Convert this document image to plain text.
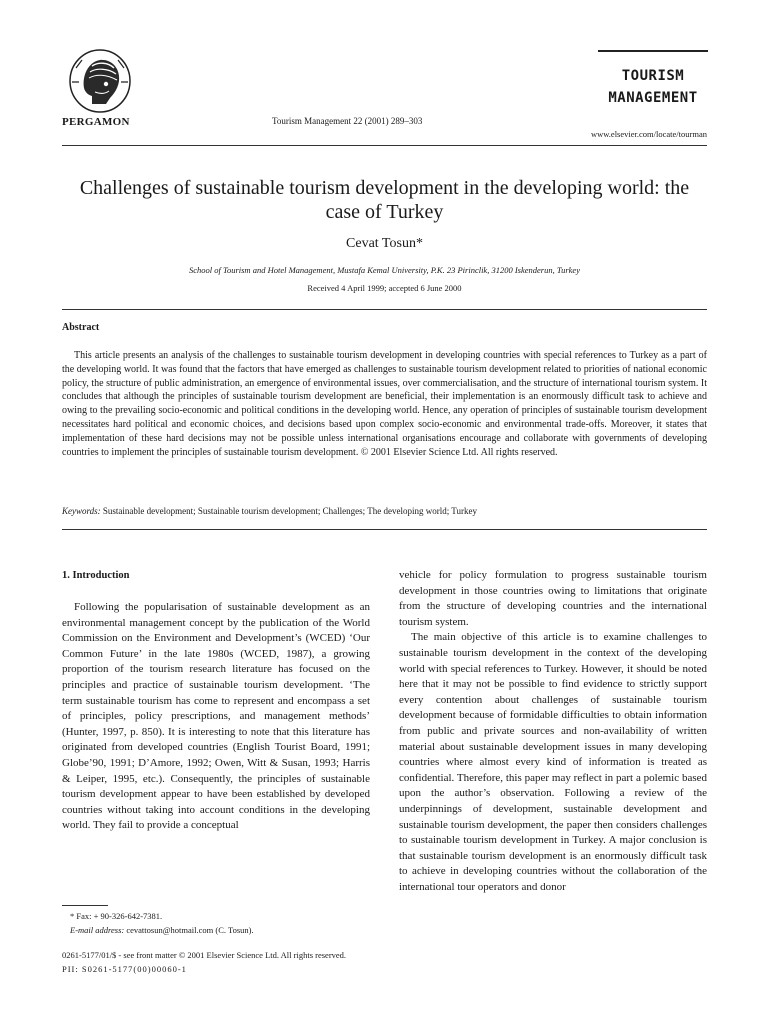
PERGAMON	Tourism Management 22 (2001) 289–303
TOURISM
MANAGEMENT
www.elsevier.com/locate/tourman
Challenges of sustainable tourism development in the developing world: the case of Turkey
Cevat Tosun*
School of Tourism and Hotel Management, Mustafa Kemal University, P.K. 23 Pirinclik, 31200 Iskenderun, Turkey
Received 4 April 1999; accepted 6 June 2000
Abstract

This article presents an analysis of the challenges to sustainable tourism development in developing countries with special references to Turkey as a part of the developing world. It was found that the factors that have emerged as challenges to sustainable tourism development related to priorities of national economic policy, the structure of public administration, an emergence of environmental issues, over commercialisation, and the structure of international tourism system. It concludes that although the principles of sustainable tourism development are beneficial, their implementation is an enormously difficult task to achieve and owing to the prevailing socio-economic and political conditions in the developing world. Hence, any operation of principles of sustainable tourism development necessitates hard political and economic choices, and decisions based upon complex socio-economic and environmental trade-offs. Moreover, it states that implementation of these hard decisions may not be possible unless international organisations encourage and collaborate with governments of developing countries to implement the principles of sustainable tourism development. © 2001 Elsevier Science Ltd. All rights reserved.

Keywords: Sustainable development; Sustainable tourism development; Challenges; The developing world; Turkey
1. Introduction

Following the popularisation of sustainable development as an environmental management concept by the publication of the World Commission on the Environment and Development’s (WCED) ‘Our Common Future’ in the late 1980s (WCED, 1987), a growing proportion of the tourism research literature has focused on the principles and practice of sustainable tourism development. ‘The term sustainable tourism has come to represent and encompass a set of principles, policy prescriptions, and management methods’ (Hunter, 1997, p. 850). It is interesting to note that this literature has originated from developed countries (English Tourist Board, 1991; Globe’90, 1991; D’Amore, 1992; Owen, Witt & Susan, 1993; Harris & Leiper, 1995, etc.). Consequently, the principles of sustainable tourism development appear to have been established by developed countries without taking into account conditions in the developing world. They fail to provide a conceptual

vehicle for policy formulation to progress sustainable tourism development in those countries owing to limitations that originate from the structure of developing countries and the international tourism system.

The main objective of this article is to examine challenges to sustainable tourism development in the context of the developing world with special references to Turkey. However, it should be noted here that it may not be possible to find evidence to strictly support every contention about challenges of sustainable tourism development because of formidable difficulties to obtain information from public and private sources and non-availability of written material about sustainable development issues in many developing countries where almost every kind of information is treated as confidential. Therefore, this paper may reflect in part a polemic based upon the author’s observation. Following a review of the underpinnings of development, sustainable development and sustainable tourism development, the paper then considers challenges to sustainable tourism development in Turkey. A major conclusion is that sustainable tourism development is an enormously difficult task to achieve in developing countries without the collaboration of the international tour operators and donor

* Fax: + 90-326-642-7381.
E-mail address: cevattosun@hotmail.com (C. Tosun).
0261-5177/01/$ - see front matter © 2001 Elsevier Science Ltd. All rights reserved.
PII: S0261-5177(00)00060-1
